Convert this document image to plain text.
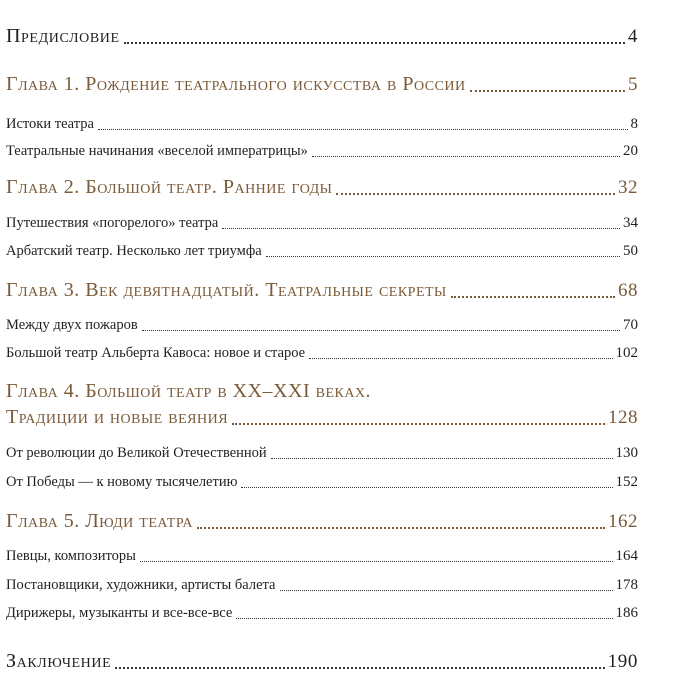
Предисловие	4
Глава 1. Рождение театрального искусства в России	5
Истоки театра	8
Театральные начинания «веселой императрицы»	20
Глава 2. Большой театр. Ранние годы	32
Путешествия «погорелого» театра	34
Арбатский театр. Несколько лет триумфа	50
Глава 3. Век девятнадцатый. Театральные секреты	68
Между двух пожаров	70
Большой театр Альберта Кавоса: новое и старое	102
Глава 4. Большой театр в XX–XXI веках.
Традиции и новые веяния	128
От революции до Великой Отечественной	130
От Победы — к новому тысячелетию	152
Глава 5. Люди театра	162
Певцы, композиторы	164
Постановщики, художники, артисты балета	178
Дирижеры, музыканты и все-все-все	186
Заключение	190
